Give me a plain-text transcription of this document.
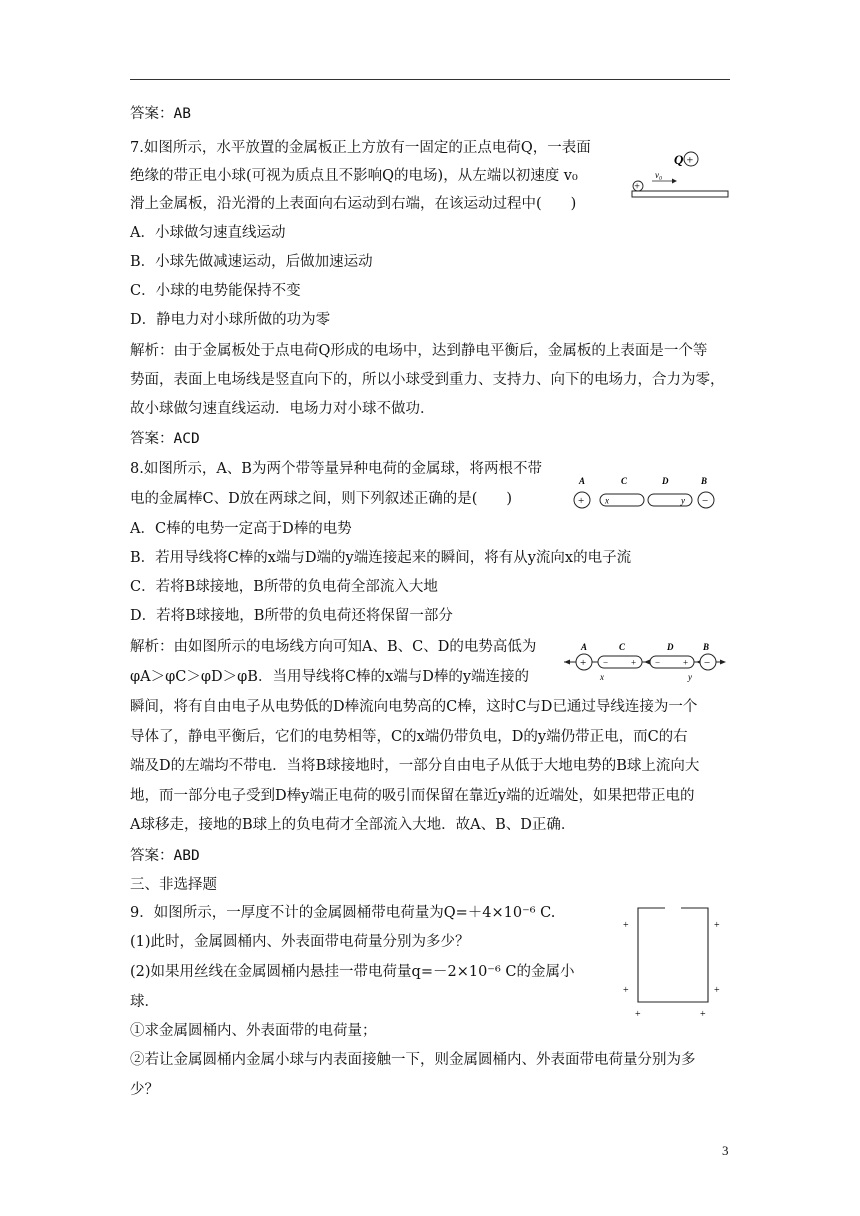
答案：AB
7.如图所示，水平放置的金属板正上方放有一固定的正点电荷Q，一表面
绝缘的带正电小球(可视为质点且不影响Q的电场)，从左端以初速度 v₀
滑上金属板，沿光滑的上表面向右运动到右端，在该运动过程中(　　)
A．小球做匀速直线运动
B．小球先做减速运动，后做加速运动
C．小球的电势能保持不变
D．静电力对小球所做的功为零
解析：由于金属板处于点电荷Q形成的电场中，达到静电平衡后，金属板的上表面是一个等
势面，表面上电场线是竖直向下的，所以小球受到重力、支持力、向下的电场力，合力为零，
故小球做匀速直线运动．电场力对小球不做功．
答案：ACD
Q +
v₀
+
8.如图所示，A、B为两个带等量异种电荷的金属球，将两根不带
电的金属棒C、D放在两球之间，则下列叙述正确的是(　　)
A．C棒的电势一定高于D棒的电势
B．若用导线将C棒的x端与D端的y端连接起来的瞬间，将有从y流向x的电子流
C．若将B球接地，B所带的负电荷全部流入大地
D．若将B球接地，B所带的负电荷还将保留一部分
A	C	D	B
+ x	y −
解析：由如图所示的电场线方向可知A、B、C、D的电势高低为
φA＞φC＞φD＞φB．当用导线将C棒的x端与D棒的y端连接的
瞬间，将有自由电子从电势低的D棒流向电势高的C棒，这时C与D已通过导线连接为一个
导体了，静电平衡后，它们的电势相等，C的x端仍带负电，D的y端仍带正电，而C的右
端及D的左端均不带电．当将B球接地时，一部分自由电子从低于大地电势的B球上流向大
地，而一部分电子受到D棒y端正电荷的吸引而保留在靠近y端的近端处，如果把带正电的
A球移走，接地的B球上的负电荷才全部流入大地．故A、B、D正确．
答案：ABD
A	C	D	B
+ −	+ −	+ −
x	y
三、非选择题
9．如图所示，一厚度不计的金属圆桶带电荷量为Q=＋4×10⁻⁶ C.
(1)此时，金属圆桶内、外表面带电荷量分别为多少？
(2)如果用丝线在金属圆桶内悬挂一带电荷量q=－2×10⁻⁶ C的金属小
球．
①求金属圆桶内、外表面带的电荷量；
②若让金属圆桶内金属小球与内表面接触一下，则金属圆桶内、外表面带电荷量分别为多
少？
+	+
+	+
+	+
3
